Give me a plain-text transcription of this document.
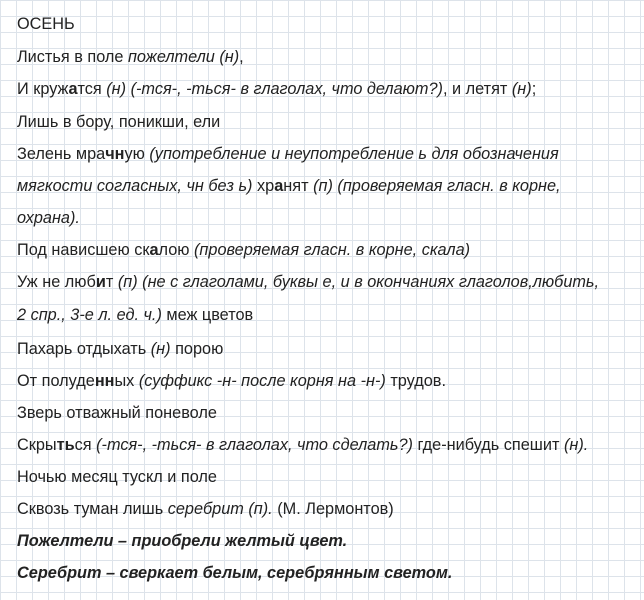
ОСЕНЬ

Листья в поле пожелтели (н),

И кружатся (н) (-тся-, -ться- в глаголах, что делают?), и летят (н);

Лишь в бору, поникши, ели

Зелень мрачную (употребление и неупотребление ь для обозначения

мягкости согласных, чн без ь) хранят (п) (проверяемая гласн. в корне,

охрана).

Под нависшею скалою (проверяемая гласн. в корне, скала)

Уж не любит (п) (не с глаголами, буквы е, и в окончаниях глаголов,любить,

2 спр., 3-е л. ед. ч.) меж цветов

Пахарь отдыхать (н) порою

От полуденных (суффикс -н- после корня на -н-) трудов.

Зверь отважный поневоле

Скрыться (-тся-, -ться- в глаголах, что сделать?) где-нибудь спешит (н).

Ночью месяц тускл и поле

Сквозь туман лишь серебрит (п). (М. Лермонтов)

Пожелтели – приобрели желтый цвет.

Серебрит – сверкает белым, серебрянным светом.
